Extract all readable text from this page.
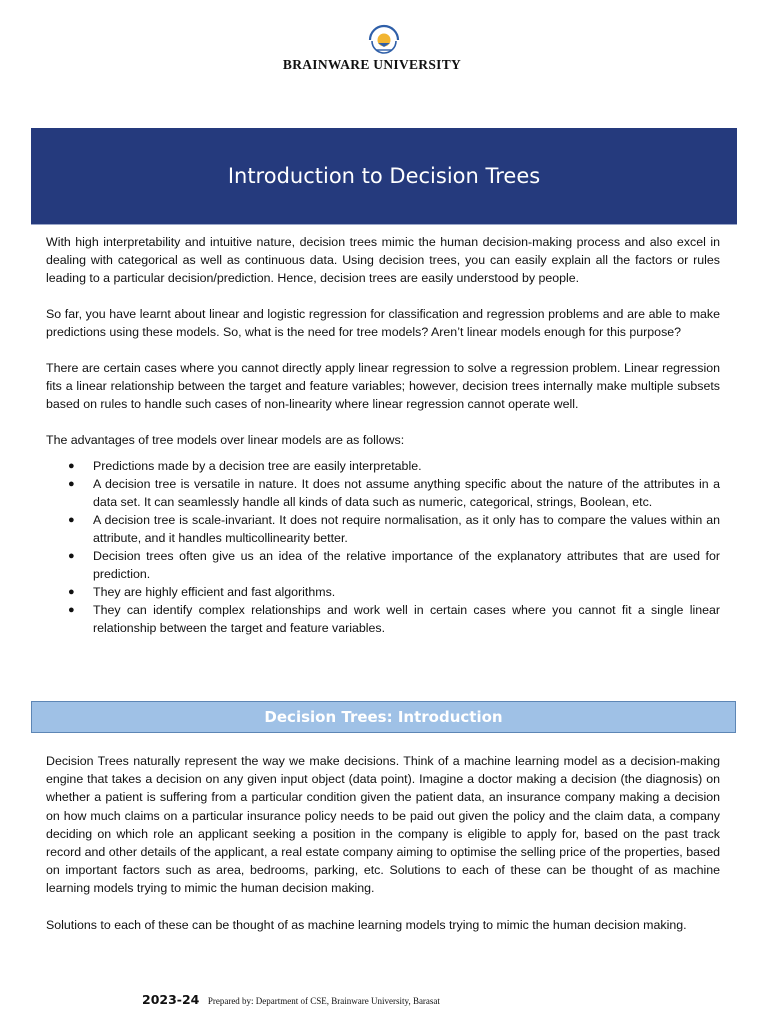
BRAINWARE UNIVERSITY
Introduction to Decision Trees

With high interpretability and intuitive nature, decision trees mimic the human decision-making process and also excel in dealing with categorical as well as continuous data. Using decision trees, you can easily explain all the factors or rules leading to a particular decision/prediction. Hence, decision trees are easily understood by people.

So far, you have learnt about linear and logistic regression for classification and regression problems and are able to make predictions using these models. So, what is the need for tree models? Aren’t linear models enough for this purpose?

There are certain cases where you cannot directly apply linear regression to solve a regression problem. Linear regression fits a linear relationship between the target and feature variables; however, decision trees internally make multiple subsets based on rules to handle such cases of non-linearity where linear regression cannot operate well.

The advantages of tree models over linear models are as follows:

● Predictions made by a decision tree are easily interpretable.
● A decision tree is versatile in nature. It does not assume anything specific about the nature of the attributes in a data set. It can seamlessly handle all kinds of data such as numeric, categorical, strings, Boolean, etc.
● A decision tree is scale-invariant. It does not require normalisation, as it only has to compare the values within an attribute, and it handles multicollinearity better.
● Decision trees often give us an idea of the relative importance of the explanatory attributes that are used for prediction.
● They are highly efficient and fast algorithms.
● They can identify complex relationships and work well in certain cases where you cannot fit a single linear relationship between the target and feature variables.
Decision Trees: Introduction

Decision Trees naturally represent the way we make decisions. Think of a machine learning model as a decision-making engine that takes a decision on any given input object (data point). Imagine a doctor making a decision (the diagnosis) on whether a patient is suffering from a particular condition given the patient data, an insurance company making a decision on how much claims on a particular insurance policy needs to be paid out given the policy and the claim data, a company deciding on which role an applicant seeking a position in the company is eligible to apply for, based on the past track record and other details of the applicant, a real estate company aiming to optimise the selling price of the properties, based on important factors such as area, bedrooms, parking, etc. Solutions to each of these can be thought of as machine learning models trying to mimic the human decision making.

Solutions to each of these can be thought of as machine learning models trying to mimic the human decision making.

2023-24 Prepared by: Department of CSE, Brainware University, Barasat
